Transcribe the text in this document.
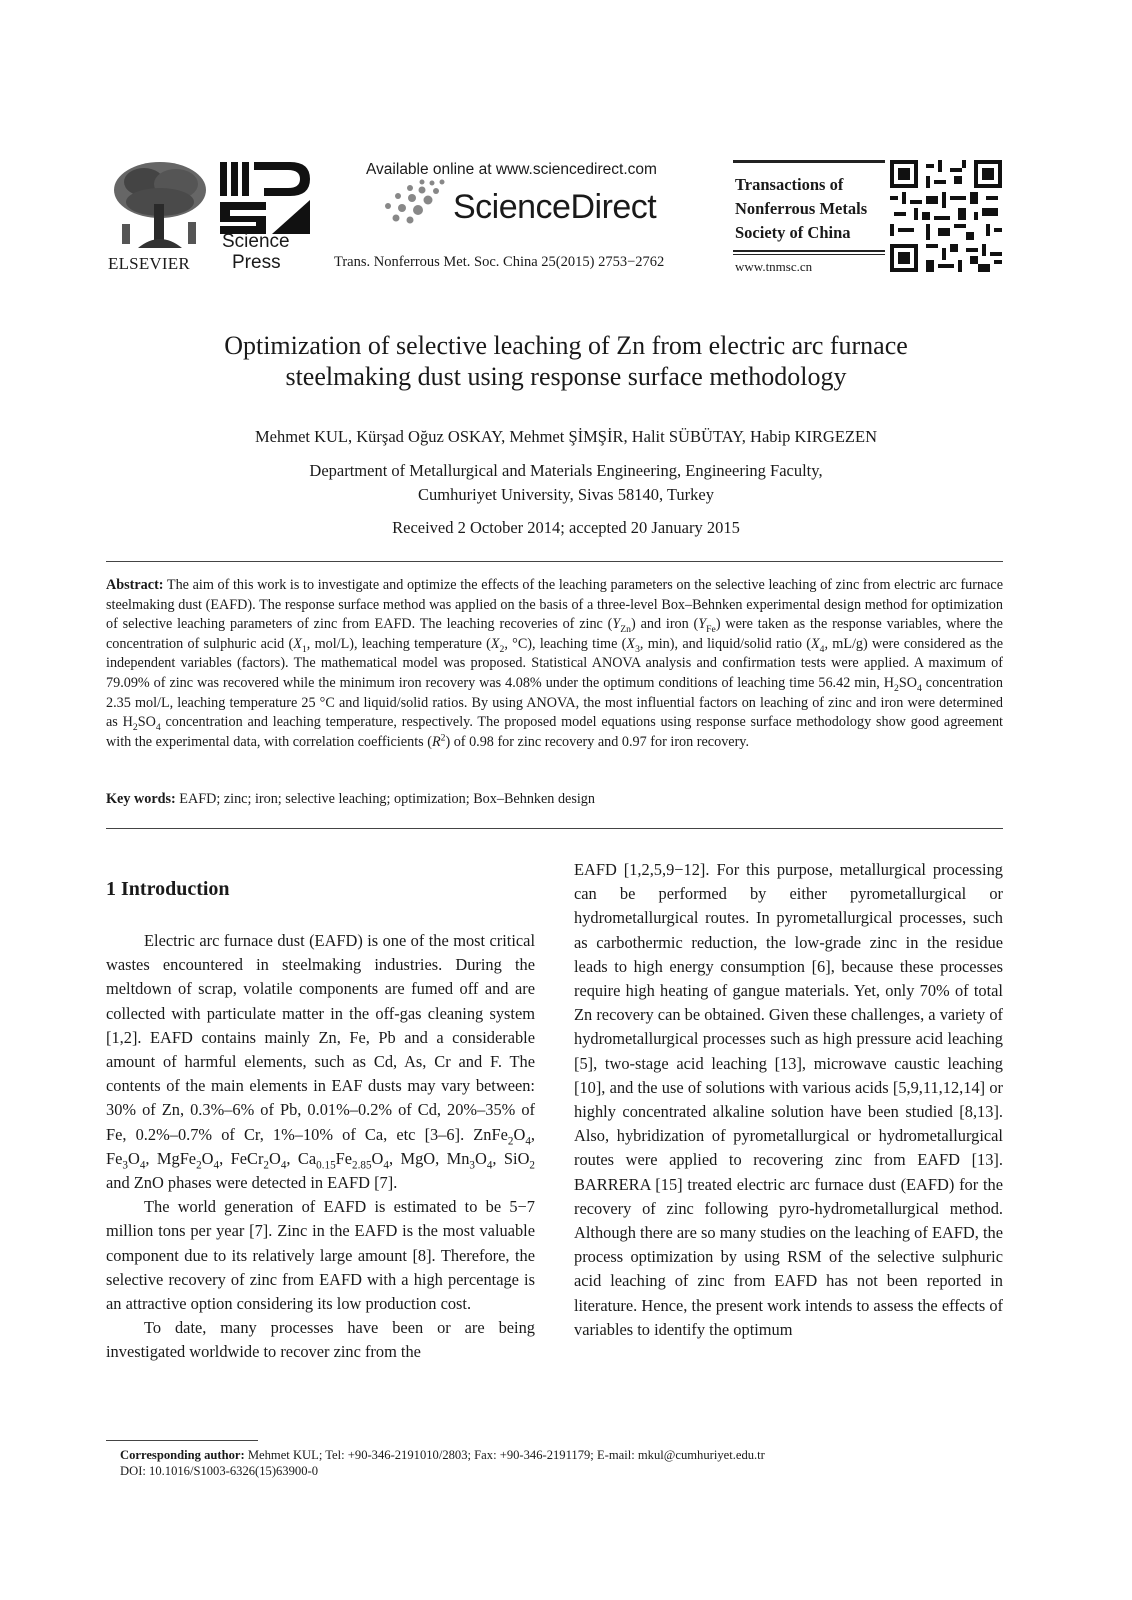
ELSEVIER
Science
Press
Available online at www.sciencedirect.com
ScienceDirect
Trans. Nonferrous Met. Soc. China 25(2015) 2753−2762
Transactions of
Nonferrous Metals
Society of China
www.tnmsc.cn
Optimization of selective leaching of Zn from electric arc furnace
steelmaking dust using response surface methodology
Mehmet KUL, Kürşad Oğuz OSKAY, Mehmet ŞİMŞİR, Halit SÜBÜTAY, Habip KIRGEZEN
Department of Metallurgical and Materials Engineering, Engineering Faculty,
Cumhuriyet University, Sivas 58140, Turkey
Received 2 October 2014; accepted 20 January 2015
Abstract: The aim of this work is to investigate and optimize the effects of the leaching parameters on the selective leaching of zinc from electric arc furnace steelmaking dust (EAFD). The response surface method was applied on the basis of a three-level Box–Behnken experimental design method for optimization of selective leaching parameters of zinc from EAFD. The leaching recoveries of zinc $(Y_{Zn})$ and iron $(Y_{Fe})$ were taken as the response variables, where the concentration of sulphuric acid ($X_1$, mol/L), leaching temperature ($X_2$, °C), leaching time ($X_3$, min), and liquid/solid ratio ($X_4$, mL/g) were considered as the independent variables (factors). The mathematical model was proposed. Statistical ANOVA analysis and confirmation tests were applied. A maximum of 79.09% of zinc was recovered while the minimum iron recovery was 4.08% under the optimum conditions of leaching time 56.42 min, $H_2SO_4$ concentration 2.35 mol/L, leaching temperature 25 °C and liquid/solid ratios. By using ANOVA, the most influential factors on leaching of zinc and iron were determined as $H_2SO_4$ concentration and leaching temperature, respectively. The proposed model equations using response surface methodology show good agreement with the experimental data, with correlation coefficients $(R^2)$ of 0.98 for zinc recovery and 0.97 for iron recovery.
Key words: EAFD; zinc; iron; selective leaching; optimization; Box–Behnken design
1 Introduction

Electric arc furnace dust (EAFD) is one of the most critical wastes encountered in steelmaking industries. During the meltdown of scrap, volatile components are fumed off and are collected with particulate matter in the off-gas cleaning system [1,2]. EAFD contains mainly Zn, Fe, Pb and a considerable amount of harmful elements, such as Cd, As, Cr and F. The contents of the main elements in EAF dusts may vary between: 30% of Zn, 0.3%–6% of Pb, 0.01%–0.2% of Cd, 20%–35% of Fe, 0.2%–0.7% of Cr, 1%–10% of Ca, etc [3–6]. $ZnFe_2O_4$, $Fe_3O_4$, $MgFe_2O_4$, $FeCr_2O_4$, $Ca_{0.15}Fe_{2.85}O_4$, MgO, $Mn_3O_4$, SiO$_2$ and ZnO phases were detected in EAFD [7].

The world generation of EAFD is estimated to be 5−7 million tons per year [7]. Zinc in the EAFD is the most valuable component due to its relatively large amount [8]. Therefore, the selective recovery of zinc from EAFD with a high percentage is an attractive option considering its low production cost.

To date, many processes have been or are being investigated worldwide to recover zinc from the

EAFD [1,2,5,9−12]. For this purpose, metallurgical processing can be performed by either pyrometallurgical or hydrometallurgical routes. In pyrometallurgical processes, such as carbothermic reduction, the low-grade zinc in the residue leads to high energy consumption [6], because these processes require high heating of gangue materials. Yet, only 70% of total Zn recovery can be obtained. Given these challenges, a variety of hydrometallurgical processes such as high pressure acid leaching [5], two-stage acid leaching [13], microwave caustic leaching [10], and the use of solutions with various acids [5,9,11,12,14] or highly concentrated alkaline solution have been studied [8,13]. Also, hybridization of pyrometallurgical or hydrometallurgical routes were applied to recovering zinc from EAFD [13]. BARRERA [15] treated electric arc furnace dust (EAFD) for the recovery of zinc following pyro-hydrometallurgical method. Although there are so many studies on the leaching of EAFD, the process optimization by using RSM of the selective sulphuric acid leaching of zinc from EAFD has not been reported in literature. Hence, the present work intends to assess the effects of variables to identify the optimum

Corresponding author: Mehmet KUL; Tel: +90-346-2191010/2803; Fax: +90-346-2191179; E-mail: mkul@cumhuriyet.edu.tr
DOI: 10.1016/S1003-6326(15)63900-0
